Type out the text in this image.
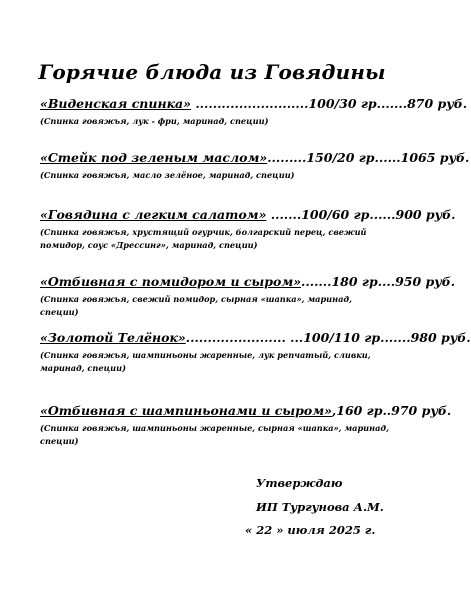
Горячие блюда из Говядины
«Виденская спинка» ..........................100/30 гр.......870 руб.
(Спинка говяжья, лук - фри, маринад, специи)
«Стейк под зеленым маслом».........150/20 гр......1065 руб.
(Спинка говяжья, масло зелёное, маринад, специи)
«Говядина с легким салатом» .......100/60 гр......900 руб.
(Спинка говяжья, хрустящий огурчик, болгарский перец, свежий помидор, соус «Дрессинг», маринад, специи)
«Отбивная с помидором и сыром».......180 гр....950 руб.
(Спинка говяжья, свежий помидор, сырная «шапка», маринад, специи)
«Золотой Телёнок»....................... ...100/110 гр.......980 руб.
(Спинка говяжья, шампиньоны жаренные, лук репчатый, сливки, маринад, специи)
«Отбивная с шампиньонами и сыром»,160 гр..970 руб.
(Спинка говяжья, шампиньоны жаренные, сырная «шапка», маринад, специи)
Утверждаю
ИП Тургунова А.М.
« 22 » июля 2025 г.
